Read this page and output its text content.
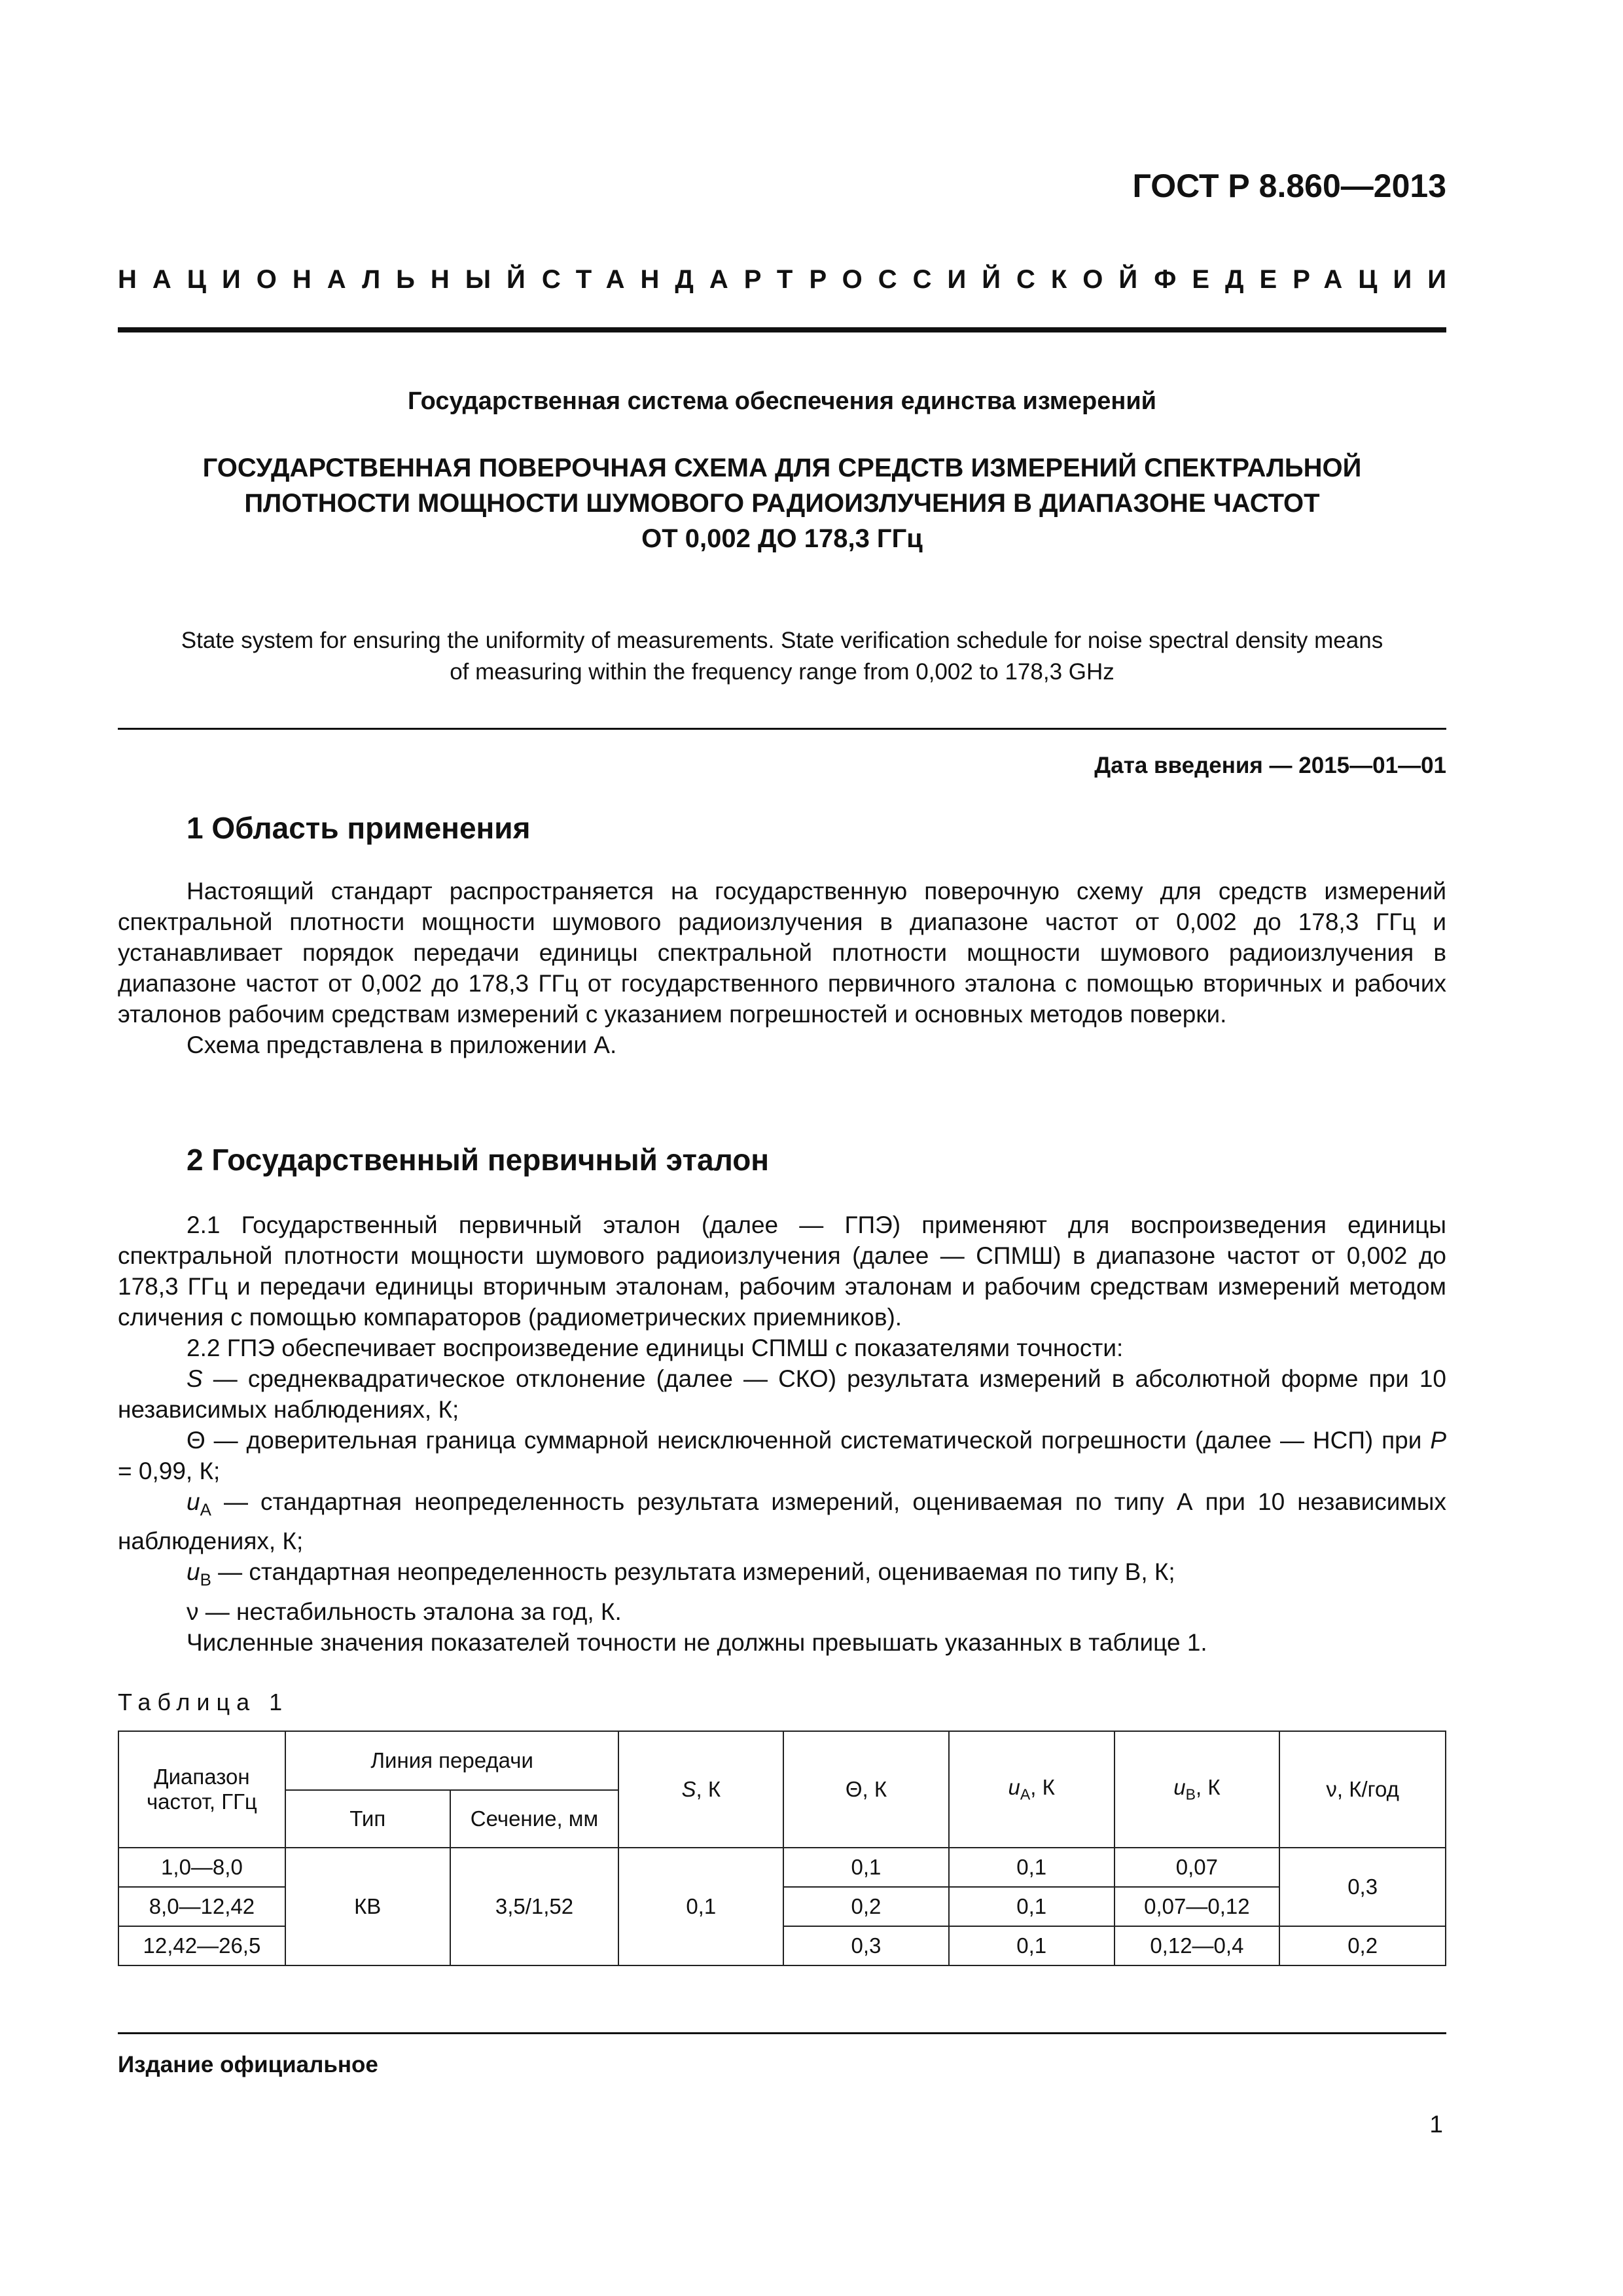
ГОСТ Р 8.860—2013
НАЦИОНАЛЬНЫЙ СТАНДАРТ РОССИЙСКОЙ ФЕДЕРАЦИИ
Государственная система обеспечения единства измерений
ГОСУДАРСТВЕННАЯ ПОВЕРОЧНАЯ СХЕМА ДЛЯ СРЕДСТВ ИЗМЕРЕНИЙ СПЕКТРАЛЬНОЙ
ПЛОТНОСТИ МОЩНОСТИ ШУМОВОГО РАДИОИЗЛУЧЕНИЯ В ДИАПАЗОНЕ ЧАСТОТ
ОТ 0,002 ДО 178,3 ГГц
State system for ensuring the uniformity of measurements. State verification schedule for noise spectral density means
of measuring within the frequency range from 0,002 to 178,3 GHz
Дата введения — 2015—01—01
1 Область применения

Настоящий стандарт распространяется на государственную поверочную схему для средств измерений спектральной плотности мощности шумового радиоизлучения в диапазоне частот от 0,002 до 178,3 ГГц и устанавливает порядок передачи единицы спектральной плотности мощности шумового радиоизлучения в диапазоне частот от 0,002 до 178,3 ГГц от государственного первичного эталона с помощью вторичных и рабочих эталонов рабочим средствам измерений с указанием погрешностей и основных методов поверки.

Схема представлена в приложении А.

2 Государственный первичный эталон

2.1 Государственный первичный эталон (далее — ГПЭ) применяют для воспроизведения единицы спектральной плотности мощности шумового радиоизлучения (далее — СПМШ) в диапазоне частот от 0,002 до 178,3 ГГц и передачи единицы вторичным эталонам, рабочим эталонам и рабочим средствам измерений методом сличения с помощью компараторов (радиометрических приемников).

2.2 ГПЭ обеспечивает воспроизведение единицы СПМШ с показателями точности:

S — среднеквадратическое отклонение (далее — СКО) результата измерений в абсолютной форме при 10 независимых наблюдениях, К;

Θ — доверительная граница суммарной неисключенной систематической погрешности (далее — НСП) при P = 0,99, К;

$u_А$ — стандартная неопределенность результата измерений, оцениваемая по типу А при 10 независимых наблюдениях, К;

$u_В$ — стандартная неопределенность результата измерений, оцениваемая по типу В, К;

ν — нестабильность эталона за год, К.

Численные значения показателей точности не должны превышать указанных в таблице 1.

Таблица 1
Диапазон частот, ГГц	Линия передачи		S, К	Θ, К	$u_А$, К	$u_В$, К	ν, К/год
	Тип	Сечение, мм					
1,0—8,0	КВ	3,5/1,52	0,1	0,1	0,1	0,07	0,3
8,0—12,42				0,2	0,1	0,07—0,12	
12,42—26,5				0,3	0,1	0,12—0,4	0,2
Издание официальное
1
